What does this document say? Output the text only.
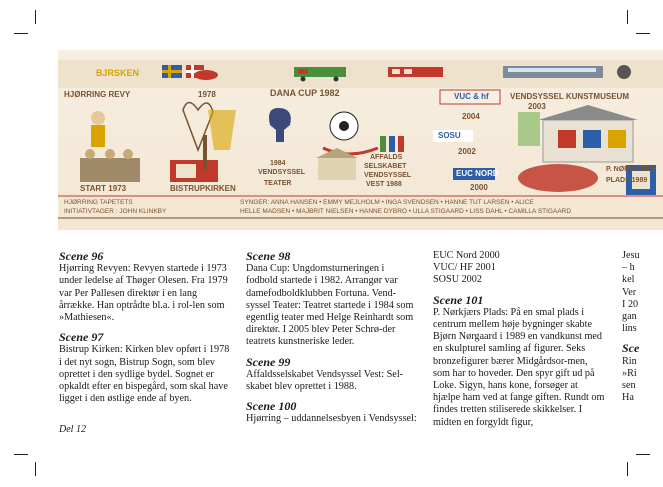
BJRSKEN
HJØRRING REVY	1978	DANA CUP 1982	VENDSYSSEL KUNSTMUSEUM
2003
VUC & hf
2004
SOSU
2002
EUC NORD
2000
AFFALDS
SELSKABET
VENDSYSSEL
VEST 1988
1984
VENDSYSSEL
TEATER
START 1973	BISTRUPKIRKEN
P. NØRKJÆRS
PLADS 1989
HJØRRING TAPETETS
INITIATIVTAGER : JOHN KLINKBY
SYNGER: ANNA HANSEN • EMMY MEJLHOLM • INGA SVENDSEN • HANNE TUT LARSEN • ALICE
HELLE MADSEN • MAJBRIT NIELSEN • HANNE DYBRO • ULLA STIGAARD • LISS DAHL • CAMILLA STIGAARD
Scene 96

Hjørring Revyen: Revyen startede i 1973 under ledelse af Thøger Olesen. Fra 1979 var Per Pallesen direktør i en lang årrække. Han optrådte bl.a. i rol-len som »Mathiesen«.

Scene 97

Bistrup Kirken: Kirken blev opført i 1978 i det nyt sogn, Bistrup Sogn, som blev oprettet i den sydlige bydel. Sognet er opkaldt efter en bispegård, som skal have ligget i den østlige ende af byen.

Scene 98

Dana Cup: Ungdomsturneringen i fodbold startede i 1982. Arrangør var damefodboldklubben Fortuna. Vend-syssel Teater: Teatret startede i 1984 som egentlig teater med Helge Reinhardt som direktør. I 2005 blev Peter Schrø-der teatrets kunstneriske leder.

Scene 99

Affaldsselskabet Vendsyssel Vest: Sel-skabet blev oprettet i 1988.

Scene 100

Hjørring – uddannelsesbyen i Vendsyssel:

EUC Nord 2000

VUC/ HF 2001

SOSU 2002

Scene 101

P. Nørkjærs Plads: På en smal plads i centrum mellem høje bygninger skabte Bjørn Nørgaard i 1989 en vandkunst med en skulpturel samling af figurer. Seks bronzefigurer bærer Midgårdsor-men, som har to hoveder. Den spyr gift ud på Loke. Sigyn, hans kone, forsøger at hjælpe ham ved at fange giften. Rundt om findes tretten stiliserede skikkelser. I midten en forgyldt figur,

Jesu

– h

kel

Ver

I 20

gan

lins

Sce

Rin

»Ri

sen

Ha

Del 12
